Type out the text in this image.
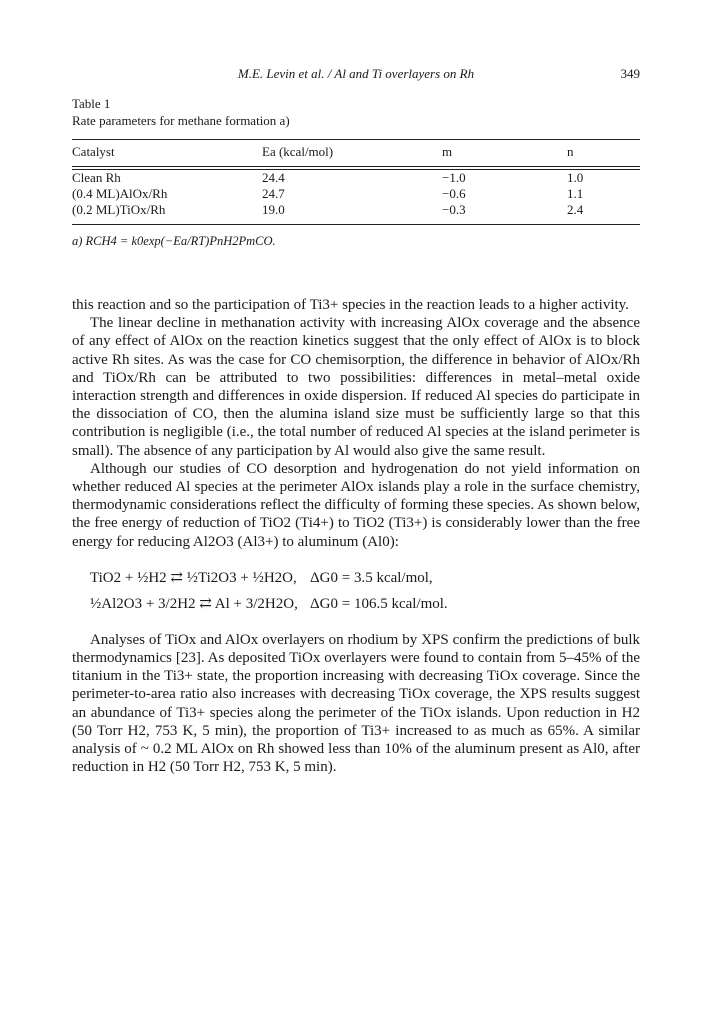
M.E. Levin et al. / Al and Ti overlayers on Rh	349
Table 1
Rate parameters for methane formation a)
Catalyst	Ea (kcal/mol)	m	n

Clean Rh	24.4	−1.0	1.0
(0.4 ML)AlOx/Rh	24.7	−0.6	1.1
(0.2 ML)TiOx/Rh	19.0	−0.3	2.4
a) RCH4 = k0exp(−Ea/RT)PnH2PmCO.

this reaction and so the participation of Ti3+ species in the reaction leads to a higher activity.

The linear decline in methanation activity with increasing AlOx coverage and the absence of any effect of AlOx on the reaction kinetics suggest that the only effect of AlOx is to block active Rh sites. As was the case for CO chemisorption, the difference in behavior of AlOx/Rh and TiOx/Rh can be attributed to two possibilities: differences in metal–metal oxide interaction strength and differences in oxide dispersion. If reduced Al species do participate in the dissociation of CO, then the alumina island size must be sufficiently large so that this contribution is negligible (i.e., the total number of reduced Al species at the island perimeter is small). The absence of any participation by Al would also give the same result.

Although our studies of CO desorption and hydrogenation do not yield information on whether reduced Al species at the perimeter AlOx islands play a role in the surface chemistry, thermodynamic considerations reflect the difficulty of forming these species. As shown below, the free energy of reduction of TiO2 (Ti4+) to TiO2 (Ti3+) is considerably lower than the free energy for reducing Al2O3 (Al3+) to aluminum (Al0):

TiO2 + ½H2 ⇄ ½Ti2O3 + ½H2O, ΔG0 = 3.5 kcal/mol,
½Al2O3 + 3/2H2 ⇄ Al + 3/2H2O, ΔG0 = 106.5 kcal/mol.

Analyses of TiOx and AlOx overlayers on rhodium by XPS confirm the predictions of bulk thermodynamics [23]. As deposited TiOx overlayers were found to contain from 5–45% of the titanium in the Ti3+ state, the proportion increasing with decreasing TiOx coverage. Since the perimeter-to-area ratio also increases with decreasing TiOx coverage, the XPS results suggest an abundance of Ti3+ species along the perimeter of the TiOx islands. Upon reduction in H2 (50 Torr H2, 753 K, 5 min), the proportion of Ti3+ increased to as much as 65%. A similar analysis of ~ 0.2 ML AlOx on Rh showed less than 10% of the aluminum present as Al0, after reduction in H2 (50 Torr H2, 753 K, 5 min).
